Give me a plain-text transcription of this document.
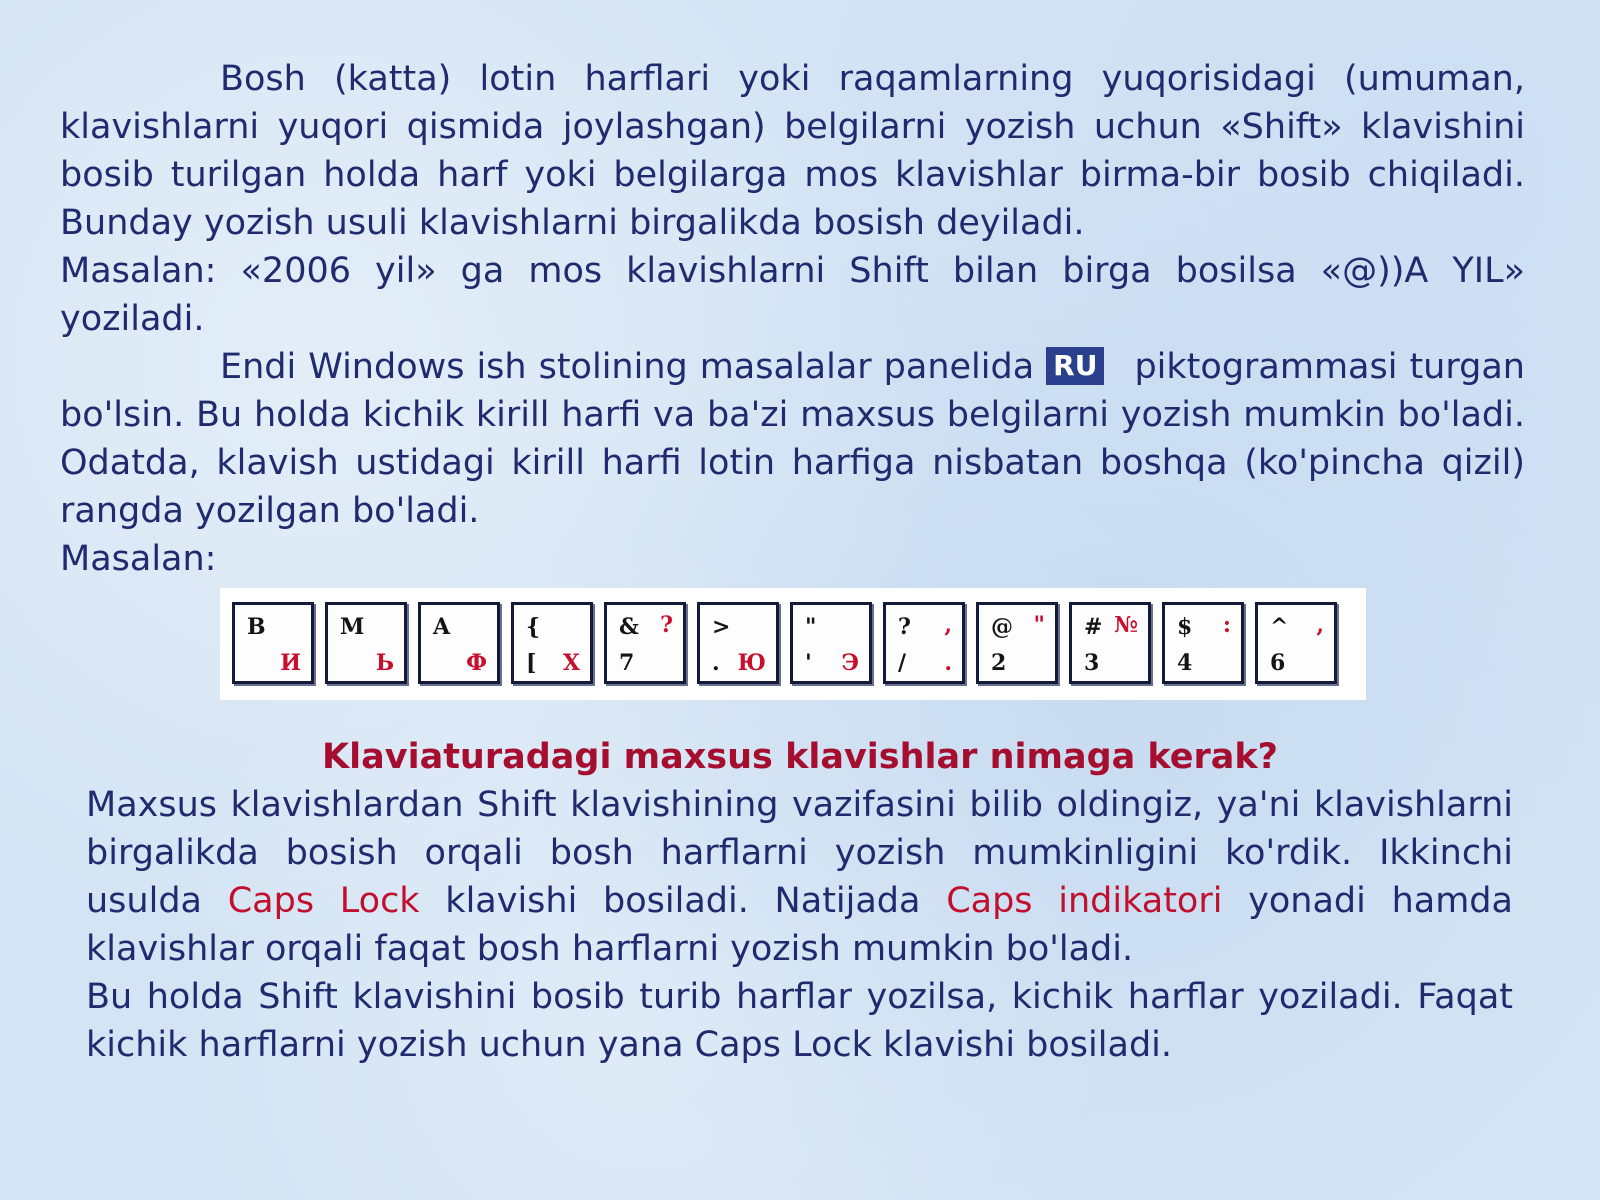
Bosh (katta) lotin harflari yoki raqamlarning yuqorisidagi (umuman, klavishlarni yuqori qismida joylashgan) belgilarni yozish uchun «Shift» klavishini bosib turilgan holda harf yoki belgilarga mos klavishlar birma-bir bosib chiqiladi. Bunday yozish usuli klavishlarni birgalikda bosish deyiladi.

Masalan: «2006 yil» ga mos klavishlarni Shift bilan birga bosilsa «@))A YIL» yoziladi.

Endi Windows ish stolining masalalar panelida RU piktogrammasi turgan bo'lsin. Bu holda kichik kirill harfi va ba'zi maxsus belgilarni yozish mumkin bo'ladi. Odatda, klavish ustidagi kirill harfi lotin harfiga nisbatan boshqa (ko'pincha qizil) rangda yozilgan bo'ladi.

Masalan:

B
И
M
Ь
A
Ф
{
[ Х
& ?
7
>
. Ю
"
' Э
? ,
/ .
@ "
2
# №
3
$ :
4
^ ,
6
Klaviaturadagi maxsus klavishlar nimaga kerak?

Maxsus klavishlardan Shift klavishining vazifasini bilib oldingiz, ya'ni klavishlarni birgalikda bosish orqali bosh harflarni yozish mumkinligini ko'rdik. Ikkinchi usulda Caps Lock klavishi bosiladi. Natijada Caps indikatori yonadi hamda klavishlar orqali faqat bosh harflarni yozish mumkin bo'ladi.

Bu holda Shift klavishini bosib turib harflar yozilsa, kichik harflar yoziladi. Faqat kichik harflarni yozish uchun yana Caps Lock klavishi bosiladi.
